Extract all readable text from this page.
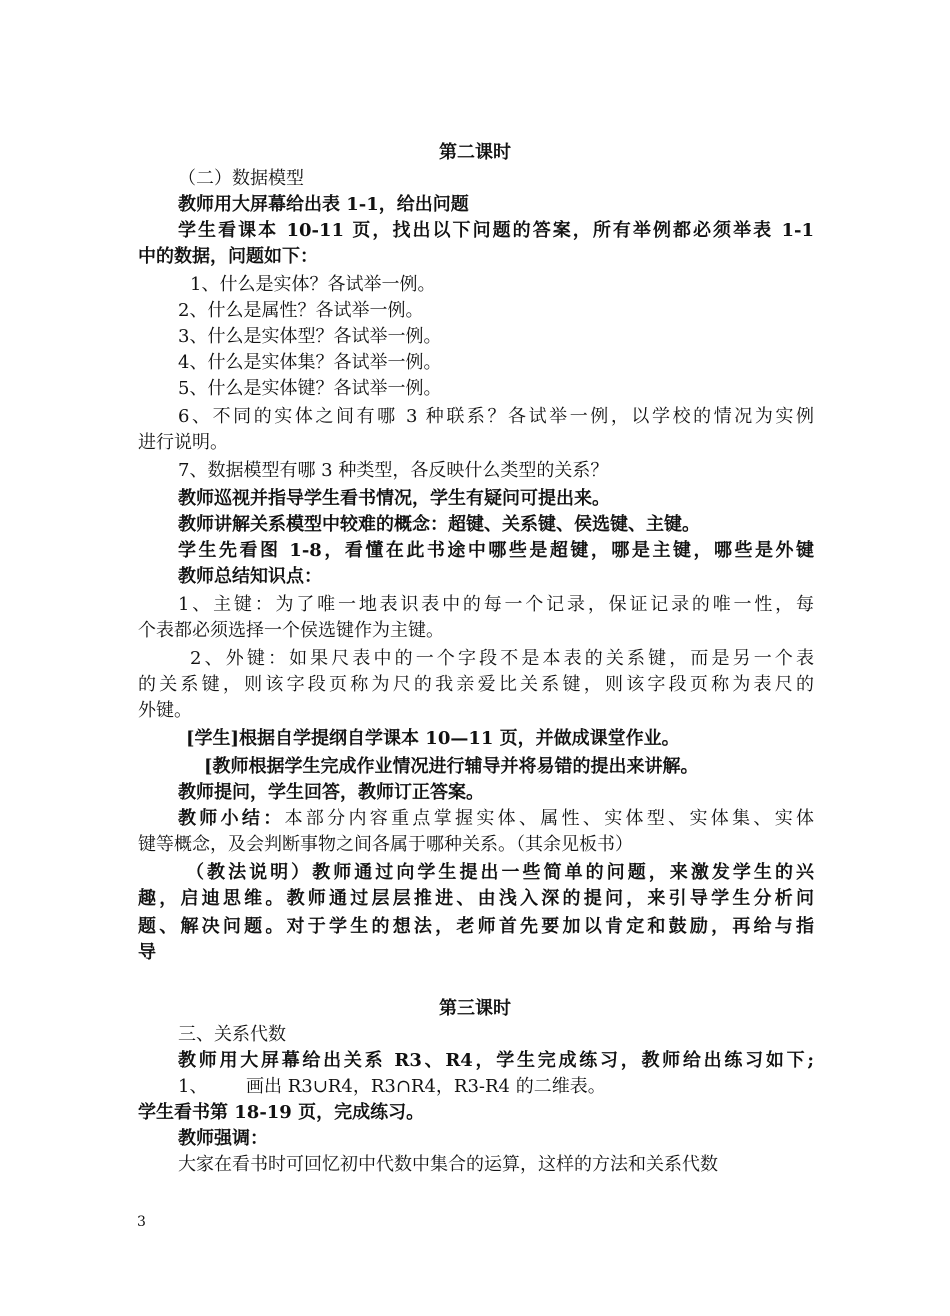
第二课时
（二）数据模型
教师用大屏幕给出表 1-1，给出问题
学生看课本 10-11 页，找出以下问题的答案，所有举例都必须举表 1-1
中的数据，问题如下：
1、什么是实体？各试举一例。
2、什么是属性？各试举一例。
3、什么是实体型？各试举一例。
4、什么是实体集？各试举一例。
5、什么是实体键？各试举一例。
6、不同的实体之间有哪 3 种联系？各试举一例，以学校的情况为实例
进行说明。
7、数据模型有哪 3 种类型，各反映什么类型的关系？
教师巡视并指导学生看书情况，学生有疑问可提出来。
教师讲解关系模型中较难的概念：超键、关系键、侯选键、主键。
学生先看图 1-8，看懂在此书途中哪些是超键，哪是主键，哪些是外键
教师总结知识点：
1、主键：为了唯一地表识表中的每一个记录，保证记录的唯一性，每
个表都必须选择一个侯选键作为主键。
2、外键：如果尺表中的一个字段不是本表的关系键，而是另一个表
的关系键，则该字段页称为尺的我亲爱比关系键，则该字段页称为表尺的
外键。
[学生]根据自学提纲自学课本 10—11 页，并做成课堂作业。
[教师根据学生完成作业情况进行辅导并将易错的提出来讲解。
教师提问，学生回答，教师订正答案。
教师小结：本部分内容重点掌握实体、属性、实体型、实体集、实体
键等概念，及会判断事物之间各属于哪种关系。（其余见板书）
（教法说明）教师通过向学生提出一些简单的问题，来激发学生的兴
趣，启迪思维。教师通过层层推进、由浅入深的提问，来引导学生分析问
题、解决问题。对于学生的想法，老师首先要加以肯定和鼓励，再给与指
导
第三课时
三、关系代数
教师用大屏幕给出关系 R3、R4，学生完成练习，教师给出练习如下;
1、 画出 R3∪R4，R3∩R4，R3-R4 的二维表。
学生看书第 18-19 页，完成练习。
教师强调：
大家在看书时可回忆初中代数中集合的运算，这样的方法和关系代数
3
